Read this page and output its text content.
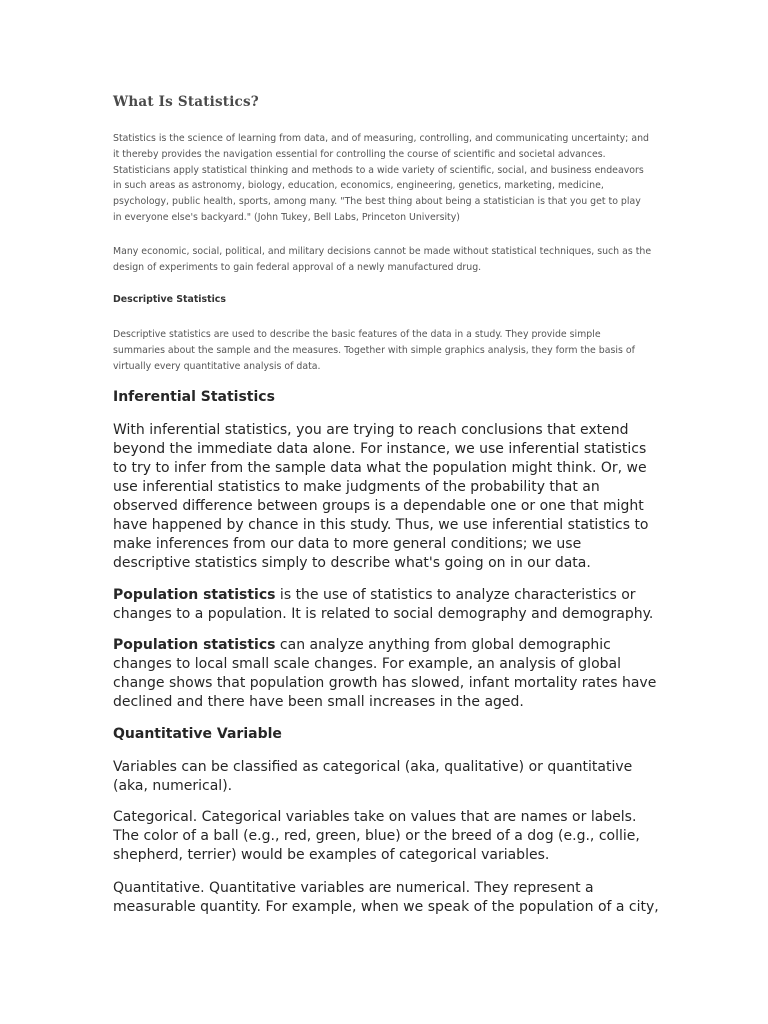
What Is Statistics?

Statistics is the science of learning from data, and of measuring, controlling, and communicating uncertainty; and
it thereby provides the navigation essential for controlling the course of scientific and societal advances.
Statisticians apply statistical thinking and methods to a wide variety of scientific, social, and business endeavors
in such areas as astronomy, biology, education, economics, engineering, genetics, marketing, medicine,
psychology, public health, sports, among many. "The best thing about being a statistician is that you get to play
in everyone else's backyard." (John Tukey, Bell Labs, Princeton University)

Many economic, social, political, and military decisions cannot be made without statistical techniques, such as the
design of experiments to gain federal approval of a newly manufactured drug.

Descriptive Statistics

Descriptive statistics are used to describe the basic features of the data in a study. They provide simple
summaries about the sample and the measures. Together with simple graphics analysis, they form the basis of
virtually every quantitative analysis of data.

Inferential Statistics

With inferential statistics, you are trying to reach conclusions that extend
beyond the immediate data alone. For instance, we use inferential statistics
to try to infer from the sample data what the population might think. Or, we
use inferential statistics to make judgments of the probability that an
observed difference between groups is a dependable one or one that might
have happened by chance in this study. Thus, we use inferential statistics to
make inferences from our data to more general conditions; we use
descriptive statistics simply to describe what's going on in our data.

Population statistics is the use of statistics to analyze characteristics or
changes to a population. It is related to social demography and demography.

Population statistics can analyze anything from global demographic
changes to local small scale changes. For example, an analysis of global
change shows that population growth has slowed, infant mortality rates have
declined and there have been small increases in the aged.

Quantitative Variable

Variables can be classified as categorical (aka, qualitative) or quantitative
(aka, numerical).

Categorical. Categorical variables take on values that are names or labels.
The color of a ball (e.g., red, green, blue) or the breed of a dog (e.g., collie,
shepherd, terrier) would be examples of categorical variables.

Quantitative. Quantitative variables are numerical. They represent a
measurable quantity. For example, when we speak of the population of a city,
